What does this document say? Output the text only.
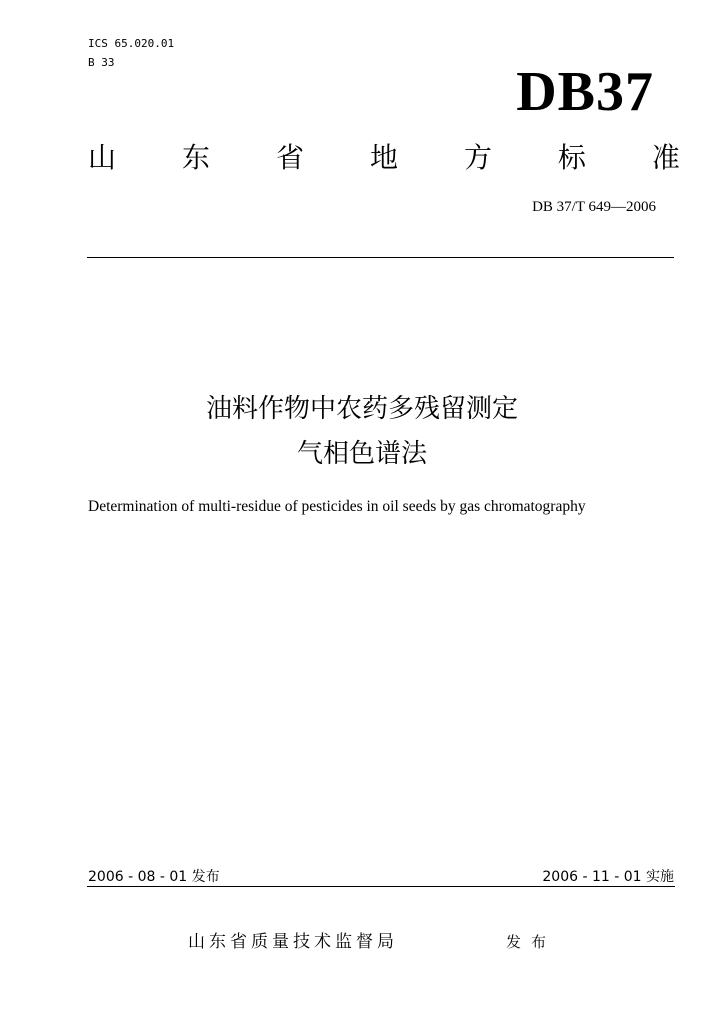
ICS 65.020.01
B 33	DB37
山 东 省 地 方 标 准
DB 37/T 649—2006
油料作物中农药多残留测定
气相色谱法
Determination of multi-residue of pesticides in oil seeds by gas chromatography
2006 - 08 - 01 发布	2006 - 11 - 01 实施
山东省质量技术监督局	发布
